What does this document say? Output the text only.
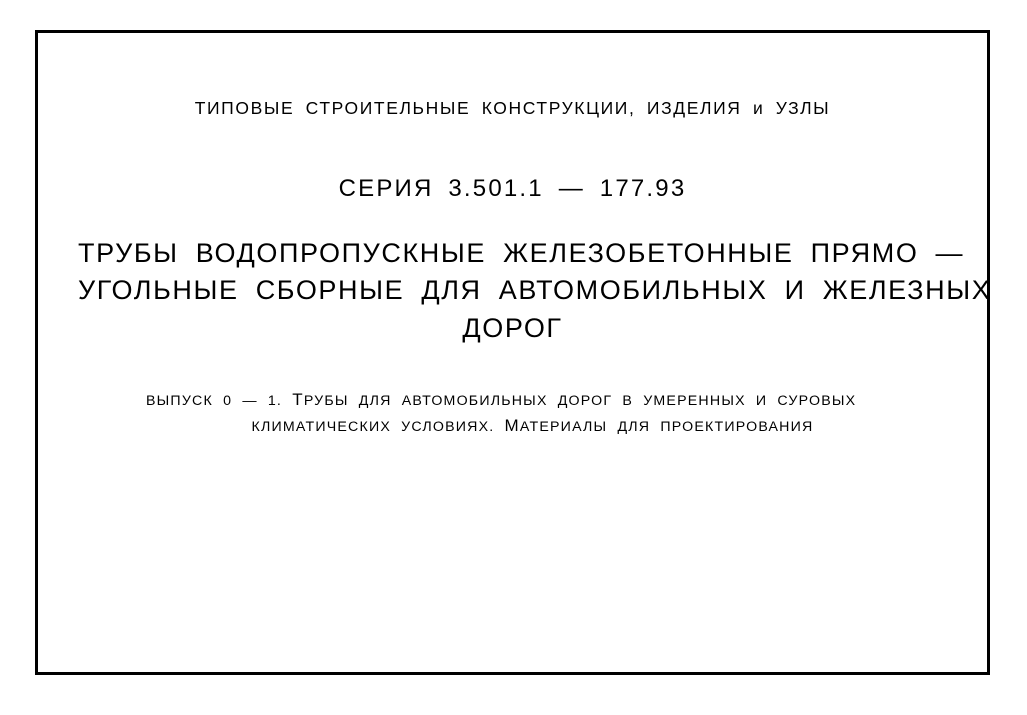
ТИПОВЫЕ СТРОИТЕЛЬНЫЕ КОНСТРУКЦИИ, ИЗДЕЛИЯ и УЗЛЫ
СЕРИЯ 3.501.1 — 177.93
ТРУБЫ ВОДОПРОПУСКНЫЕ ЖЕЛЕЗОБЕТОННЫЕ ПРЯМО —
УГОЛЬНЫЕ СБОРНЫЕ ДЛЯ АВТОМОБИЛЬНЫХ И ЖЕЛЕЗНЫХ
ДОРОГ
ВЫПУСК 0 — 1. ТРУБЫ ДЛЯ АВТОМОБИЛЬНЫХ ДОРОГ В УМЕРЕННЫХ И СУРОВЫХ
КЛИМАТИЧЕСКИХ УСЛОВИЯХ. МАТЕРИАЛЫ ДЛЯ ПРОЕКТИРОВАНИЯ
